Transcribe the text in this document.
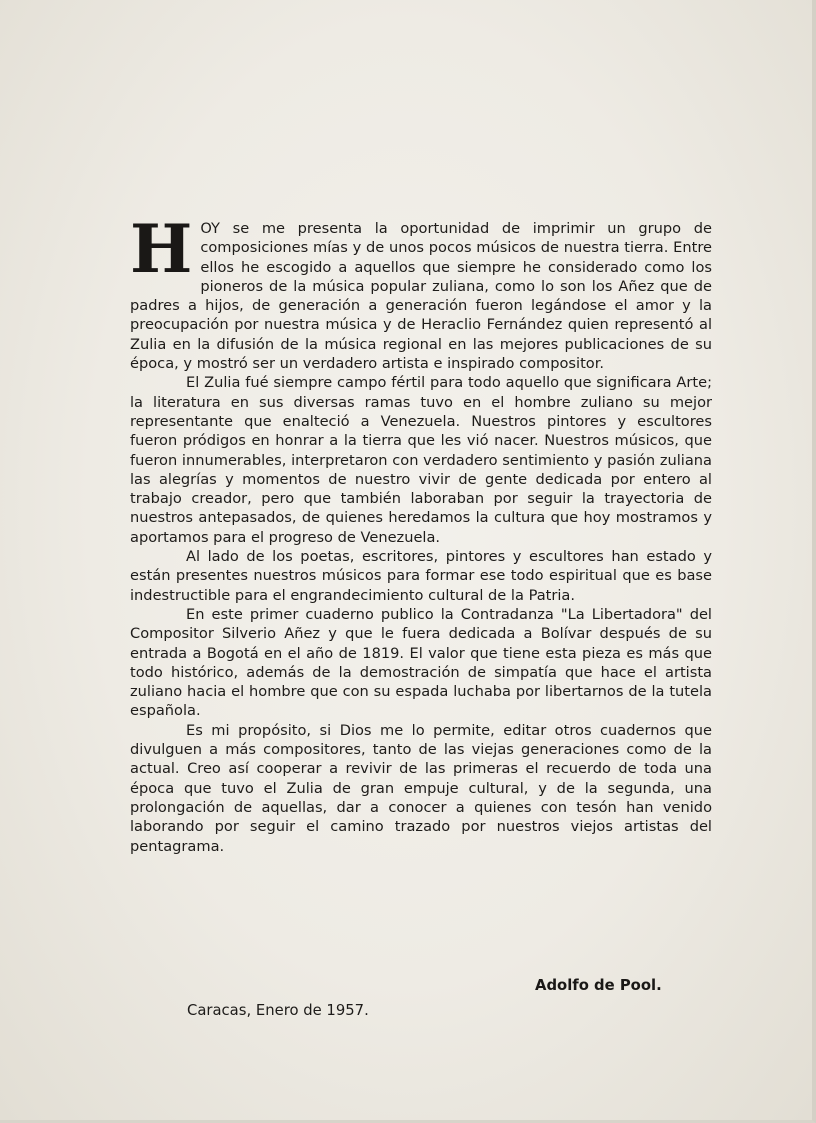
HOY se me presenta la oportunidad de imprimir un grupo de composiciones mías y de unos pocos músicos de nuestra tierra. Entre ellos he escogido a aquellos que siempre he considerado como los pioneros de la música popular zuliana, como lo son los Añez que de padres a hijos, de generación a generación fueron legándose el amor y la preocupación por nuestra música y de Heraclio Fernández quien representó al Zulia en la difusión de la música regional en las mejores publicaciones de su época, y mostró ser un verdadero artista e inspirado compositor.

El Zulia fué siempre campo fértil para todo aquello que significara Arte; la literatura en sus diversas ramas tuvo en el hombre zuliano su mejor representante que enalteció a Venezuela. Nuestros pintores y escultores fueron pródigos en honrar a la tierra que les vió nacer. Nuestros músicos, que fueron innumerables, interpretaron con verdadero sentimiento y pasión zuliana las alegrías y momentos de nuestro vivir de gente dedicada por entero al trabajo creador, pero que también laboraban por seguir la trayectoria de nuestros antepasados, de quienes heredamos la cultura que hoy mostramos y aportamos para el progreso de Venezuela.

Al lado de los poetas, escritores, pintores y escultores han estado y están presentes nuestros músicos para formar ese todo espiritual que es base indestructible para el engrandecimiento cultural de la Patria.

En este primer cuaderno publico la Contradanza "La Libertadora" del Compositor Silverio Añez y que le fuera dedicada a Bolívar después de su entrada a Bogotá en el año de 1819. El valor que tiene esta pieza es más que todo histórico, además de la demostración de simpatía que hace el artista zuliano hacia el hombre que con su espada luchaba por libertarnos de la tutela española.

Es mi propósito, si Dios me lo permite, editar otros cuadernos que divulguen a más compositores, tanto de las viejas generaciones como de la actual. Creo así cooperar a revivir de las primeras el recuerdo de toda una época que tuvo el Zulia de gran empuje cultural, y de la segunda, una prolongación de aquellas, dar a conocer a quienes con tesón han venido laborando por seguir el camino trazado por nuestros viejos artistas del pentagrama.

Adolfo de Pool.
Caracas, Enero de 1957.
